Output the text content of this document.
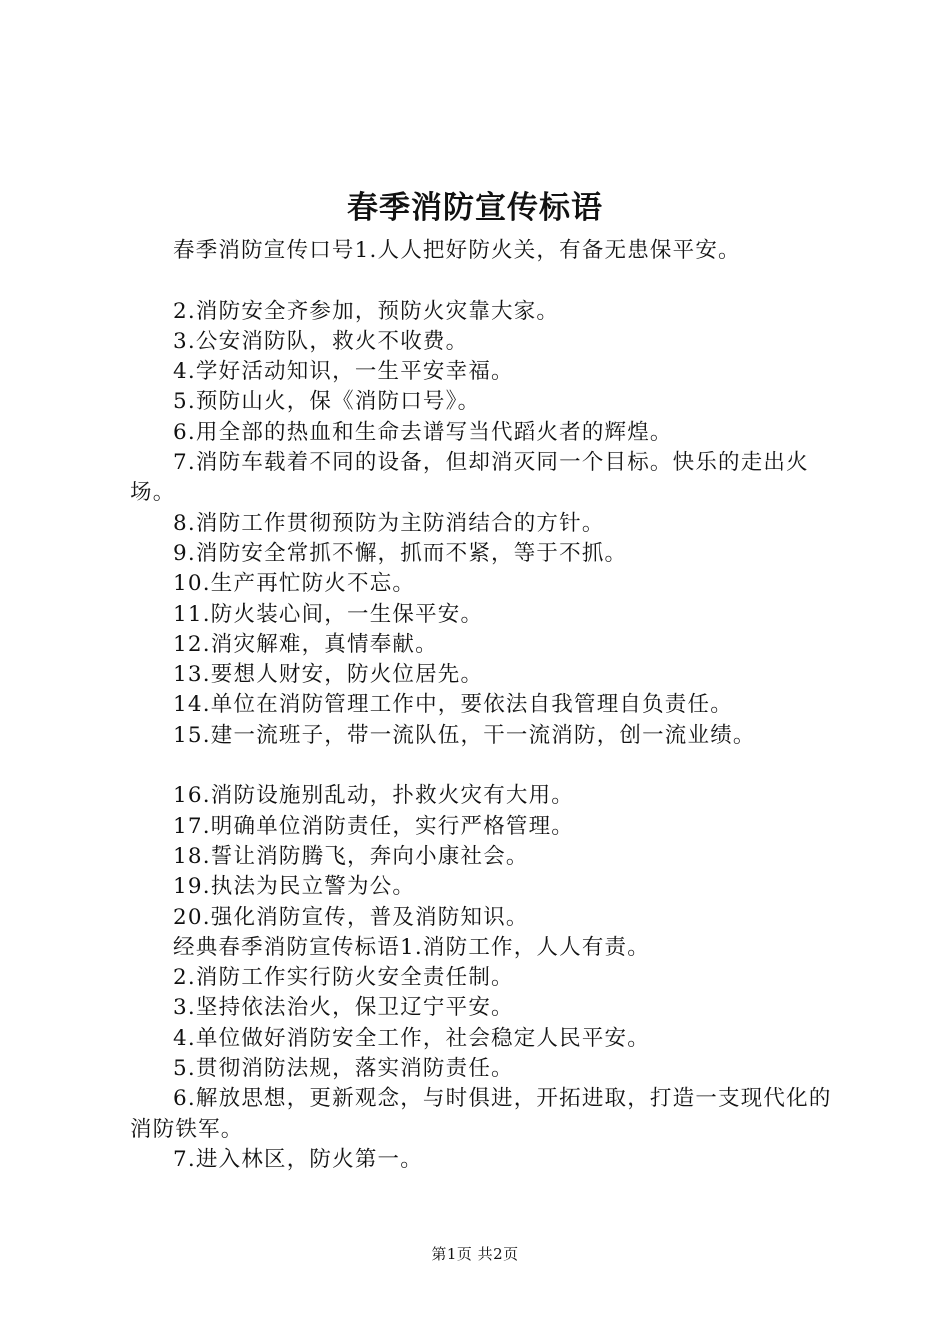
春季消防宣传标语

春季消防宣传口号1.人人把好防火关，有备无患保平安。

2.消防安全齐参加，预防火灾靠大家。

3.公安消防队，救火不收费。

4.学好活动知识，一生平安幸福。

5.预防山火，保《消防口号》。

6.用全部的热血和生命去谱写当代蹈火者的辉煌。

7.消防车载着不同的设备，但却消灭同一个目标。快乐的走出火场。

8.消防工作贯彻预防为主防消结合的方针。

9.消防安全常抓不懈，抓而不紧，等于不抓。

10.生产再忙防火不忘。

11.防火装心间，一生保平安。

12.消灾解难，真情奉献。

13.要想人财安，防火位居先。

14.单位在消防管理工作中，要依法自我管理自负责任。

15.建一流班子，带一流队伍，干一流消防，创一流业绩。

16.消防设施别乱动，扑救火灾有大用。

17.明确单位消防责任，实行严格管理。

18.誓让消防腾飞，奔向小康社会。

19.执法为民立警为公。

20.强化消防宣传，普及消防知识。

经典春季消防宣传标语1.消防工作，人人有责。

2.消防工作实行防火安全责任制。

3.坚持依法治火，保卫辽宁平安。

4.单位做好消防安全工作，社会稳定人民平安。

5.贯彻消防法规，落实消防责任。

6.解放思想，更新观念，与时俱进，开拓进取，打造一支现代化的消防铁军。

7.进入林区，防火第一。

第1页 共2页
